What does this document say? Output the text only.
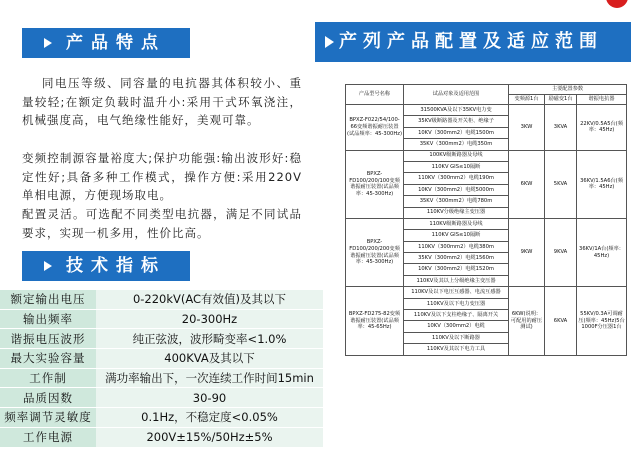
产品特点
同电压等级、同容量的电抗器其体积较小、重量较轻;在额定负载时温升小:采用干式环氧浇注，机械强度高，电气绝缘性能好，美观可靠。
变频控制源容量裕度大;保护功能强:输出波形好:稳定性好;具备多种工作模式，操作方便:采用220V单相电源，方便现场取电。
配置灵活。可选配不同类型电抗器，满足不同试品要求，实现一机多用，性价比高。
技术指标
额定输出电压	0-220kV(AC有效值)及其以下
输出频率	20-300Hz
谐振电压波形	纯正弦波，波形畸变率<1.0%
最大实验容量	400KVA及其以下
工作制	满功率输出下，一次连续工作时间15min
品质因数	30-90
频率调节灵敏度	0.1Hz，不稳定度<0.05%
工作电源	200V±15%/50Hz±5%
产列产品配置及适应范围
产品型号名称	试品对象及适用范围	主要配置参数		
		变频源1台	励磁变1台	谐振电抗器
BPXZ-F022/54/100-66变频谐振耐压装置(试品频率：45-300Hz)	31500KVA及以下35KV电力变	3KW	3KVA	22KV/0.5A5台(频率：45Hz)
	35KV级断路器及开关柜、绝缘子			
	10KV（300mm2）电缆1500m			
	35KV（300mm2）电缆350m			
BPXZ-FD100/200/100变频谐振耐压装置(试品频率：45-300Hz)	100KV级断路器及母线	6KW	5KVA	36KV/1.5A6台(频率：45Hz)
	110KV GIS≤10隔断			
	110KV（300mm2）电缆190m			
	10KV（300mm2）电缆5000m			
	35KV（300mm2）电缆780m			
	110KV分级绝缘主变压器			
BPXZ-FD100/200/200变频谐振耐压装置(试品频率：45-300Hz)	110KV级断路器及母线	9KW	9KVA	36KV/1A台(频率：45Hz)
	110KV GIS≤10隔断			
	110KV（300mm2）电缆380m			
	35KV（300mm2）电缆1560m			
	10KV（300mm2）电缆1520m			
	110KV及其以上分级绝缘主变压器			
BPXZ-FD275-82变频谐振耐压装置(试品频率：45-65Hz)	110KV及以下电压互感器、电流互感器	6KW(说明：可配用的耐压测试)	6KVA	55KV/0.3A可调耐压(频率：45Hz)5台1000F分压器1台
	110KV及以下电力变压器			
	110KV及以下支柱绝缘子、隔离开关			
	10KV（300mm2）电缆			
	110KV及以下断路器			
	110KV及其以下电力工具			
